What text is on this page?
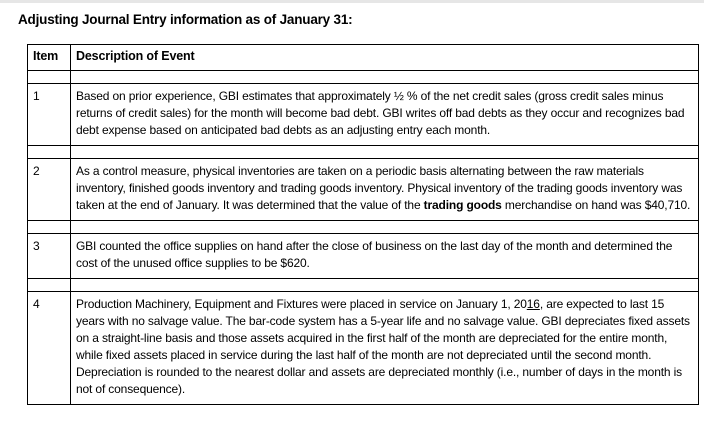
Adjusting Journal Entry information as of January 31:
Item	Description of Event

1	Based on prior experience, GBI estimates that approximately ½ % of the net credit sales (gross credit sales minus returns of credit sales) for the month will become bad debt. GBI writes off bad debts as they occur and recognizes bad debt expense based on anticipated bad debts as an adjusting entry each month.

2	As a control measure, physical inventories are taken on a periodic basis alternating between the raw materials inventory, finished goods inventory and trading goods inventory. Physical inventory of the trading goods inventory was taken at the end of January. It was determined that the value of the trading goods merchandise on hand was $40,710.

3	GBI counted the office supplies on hand after the close of business on the last day of the month and determined the cost of the unused office supplies to be $620.

4	Production Machinery, Equipment and Fixtures were placed in service on January 1, 2016, are expected to last 15 years with no salvage value. The bar-code system has a 5-year life and no salvage value. GBI depreciates fixed assets on a straight-line basis and those assets acquired in the first half of the month are depreciated for the entire month, while fixed assets placed in service during the last half of the month are not depreciated until the second month. Depreciation is rounded to the nearest dollar and assets are depreciated monthly (i.e., number of days in the month is not of consequence).
